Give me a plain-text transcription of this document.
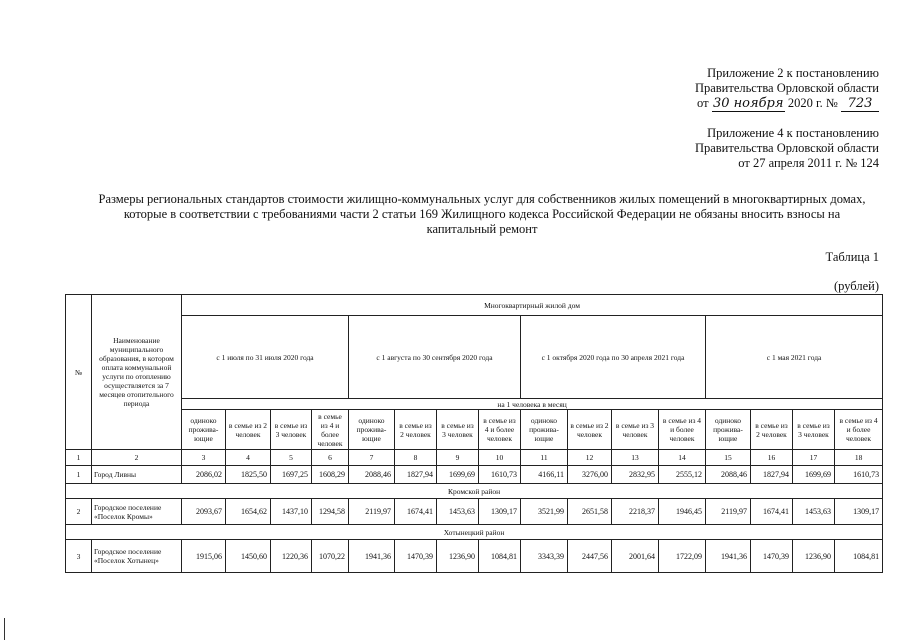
Приложение 2 к постановлению
Правительства Орловской области
от 30 ноября 2020 г. № 723
Приложение 4 к постановлению
Правительства Орловской области
от 27 апреля 2011 г. № 124
Размеры региональных стандартов стоимости жилищно-коммунальных услуг для собственников жилых помещений в многоквартирных домах, которые в соответствии с требованиями части 2 статьи 169 Жилищного кодекса Российской Федерации не обязаны вносить взносы на капитальный ремонт
Таблица 1
(рублей)
№	Наименование муниципального образования, в котором оплата коммунальной услуги по отоплению осуществляется за 7 месяцев отопительного периода	Многоквартирный жилой дом															
		с 1 июля по 31 июля 2020 года				с 1 августа по 30 сентября 2020 года				с 1 октября 2020 года по 30 апреля 2021 года				с 1 мая 2021 года			
		на 1 человека в месяц															
		одиноко прожива-ющие	в семье из 2 человек	в семье из 3 человек	в семье из 4 и более человек	одиноко прожива-ющие	в семье из 2 человек	в семье из 3 человек	в семье из 4 и более человек	одиноко прожива-ющие	в семье из 2 человек	в семье из 3 человек	в семье из 4 и более человек	одиноко прожива-ющие	в семье из 2 человек	в семье из 3 человек	в семье из 4 и более человек
1	2	3	4	5	6	7	8	9	10	11	12	13	14	15	16	17	18
1	Город Ливны	2086,02	1825,50	1697,25	1608,29	2088,46	1827,94	1699,69	1610,73	4166,11	3276,00	2832,95	2555,12	2088,46	1827,94	1699,69	1610,73
Кромской район																	
2	Городское поселение «Поселок Кромы»	2093,67	1654,62	1437,10	1294,58	2119,97	1674,41	1453,63	1309,17	3521,99	2651,58	2218,37	1946,45	2119,97	1674,41	1453,63	1309,17
Хотынецкий район																	
3	Городское поселение «Поселок Хотынец»	1915,06	1450,60	1220,36	1070,22	1941,36	1470,39	1236,90	1084,81	3343,39	2447,56	2001,64	1722,09	1941,36	1470,39	1236,90	1084,81
